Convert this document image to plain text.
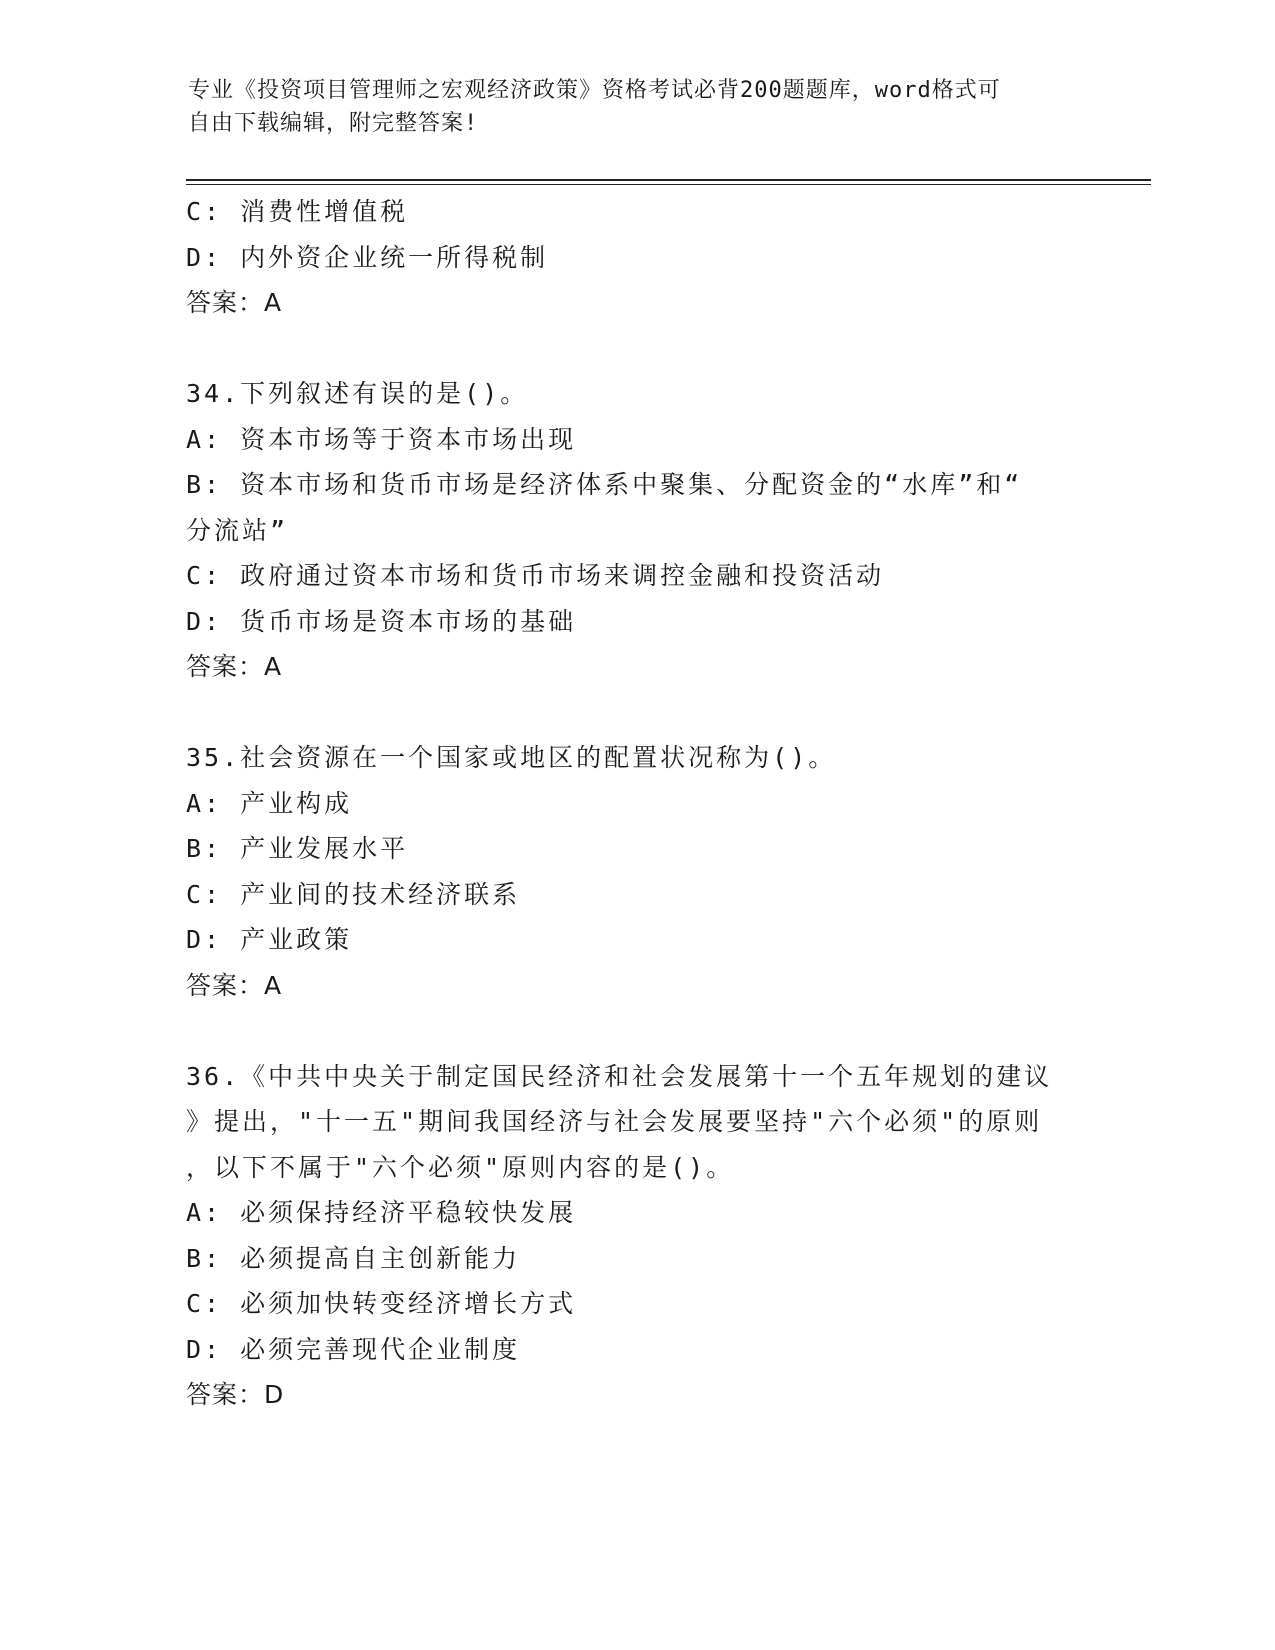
专业《投资项目管理师之宏观经济政策》资格考试必背200题题库，word格式可
自由下载编辑，附完整答案!
C: 消费性增值税
D: 内外资企业统一所得税制
答案：A
34.下列叙述有误的是()。
A: 资本市场等于资本市场出现
B: 资本市场和货币市场是经济体系中聚集、分配资金的“水库”和“
分流站”
C: 政府通过资本市场和货币市场来调控金融和投资活动
D: 货币市场是资本市场的基础
答案：A
35.社会资源在一个国家或地区的配置状况称为()。
A: 产业构成
B: 产业发展水平
C: 产业间的技术经济联系
D: 产业政策
答案：A
36.《中共中央关于制定国民经济和社会发展第十一个五年规划的建议
》提出，"十一五"期间我国经济与社会发展要坚持"六个必须"的原则
，以下不属于"六个必须"原则内容的是()。
A: 必须保持经济平稳较快发展
B: 必须提高自主创新能力
C: 必须加快转变经济增长方式
D: 必须完善现代企业制度
答案：D
